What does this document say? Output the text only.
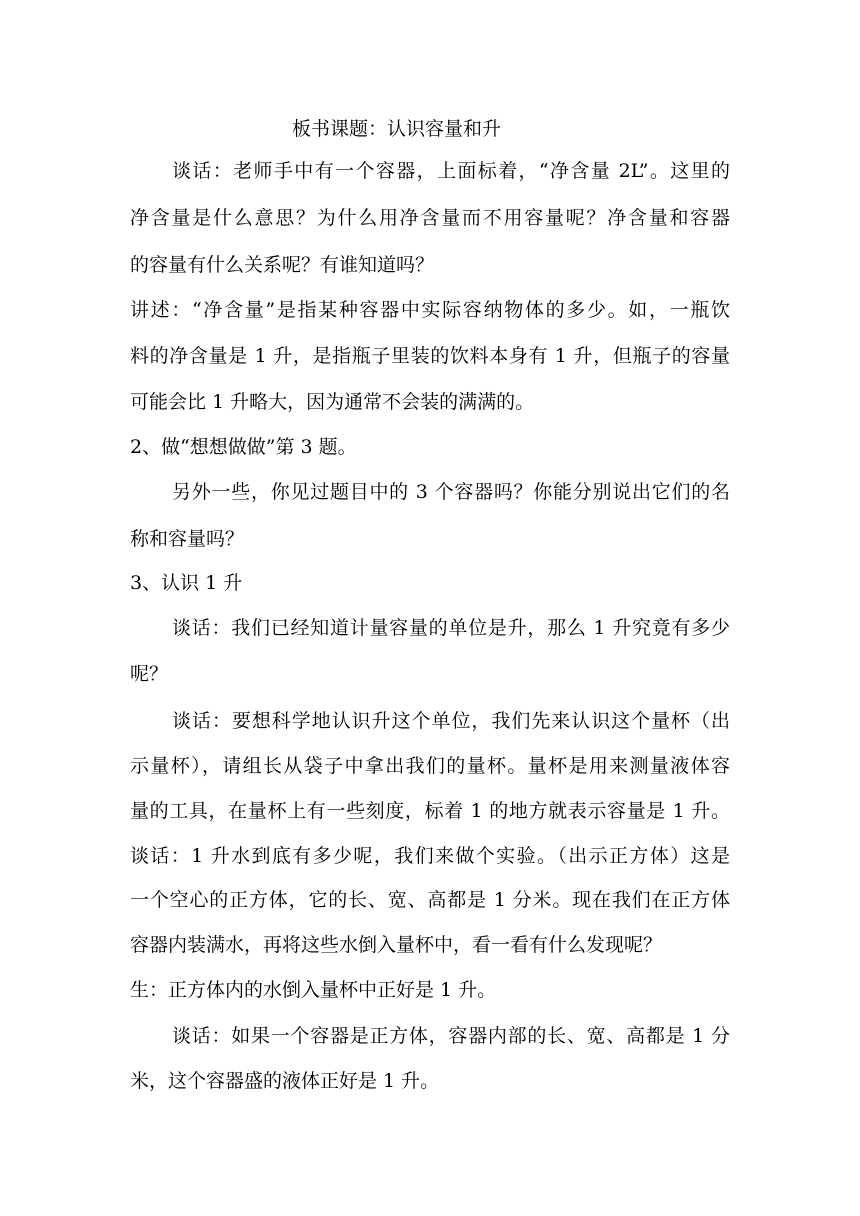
板书课题：认识容量和升
谈话：老师手中有一个容器，上面标着，“净含量 2L”。这里的
净含量是什么意思？为什么用净含量而不用容量呢？净含量和容器
的容量有什么关系呢？有谁知道吗？
讲述：“净含量”是指某种容器中实际容纳物体的多少。如，一瓶饮
料的净含量是 1 升，是指瓶子里装的饮料本身有 1 升，但瓶子的容量
可能会比 1 升略大，因为通常不会装的满满的。
2、做“想想做做”第 3 题。
另外一些，你见过题目中的 3 个容器吗？你能分别说出它们的名
称和容量吗？
3、认识 1 升
谈话：我们已经知道计量容量的单位是升，那么 1 升究竟有多少
呢？
谈话：要想科学地认识升这个单位，我们先来认识这个量杯（出
示量杯），请组长从袋子中拿出我们的量杯。量杯是用来测量液体容
量的工具，在量杯上有一些刻度，标着 1 的地方就表示容量是 1 升。
谈话：1 升水到底有多少呢，我们来做个实验。（出示正方体）这是
一个空心的正方体，它的长、宽、高都是 1 分米。现在我们在正方体
容器内装满水，再将这些水倒入量杯中，看一看有什么发现呢？
生：正方体内的水倒入量杯中正好是 1 升。
谈话：如果一个容器是正方体，容器内部的长、宽、高都是 1 分
米，这个容器盛的液体正好是 1 升。
